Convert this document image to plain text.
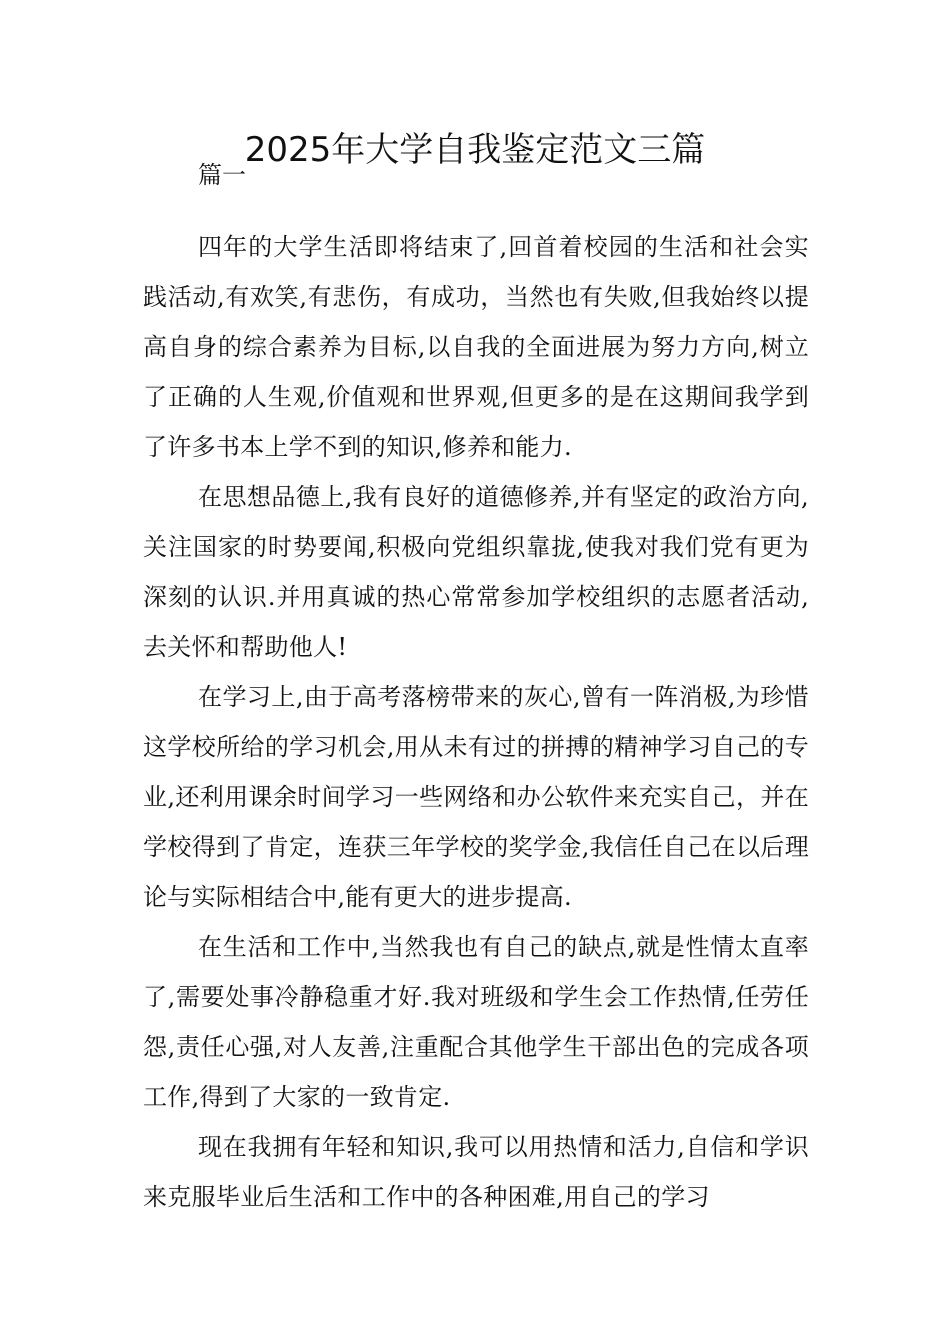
2025年大学自我鉴定范文三篇

篇一

四年的大学生活即将结束了,回首着校园的生活和社会实践活动,有欢笑,有悲伤，有成功，当然也有失败,但我始终以提高自身的综合素养为目标,以自我的全面进展为努力方向,树立了正确的人生观,价值观和世界观,但更多的是在这期间我学到了许多书本上学不到的知识,修养和能力.

在思想品德上,我有良好的道德修养,并有坚定的政治方向,关注国家的时势要闻,积极向党组织靠拢,使我对我们党有更为深刻的认识.并用真诚的热心常常参加学校组织的志愿者活动,去关怀和帮助他人!

在学习上,由于高考落榜带来的灰心,曾有一阵消极,为珍惜这学校所给的学习机会,用从未有过的拼搏的精神学习自己的专业,还利用课余时间学习一些网络和办公软件来充实自己，并在学校得到了肯定，连获三年学校的奖学金,我信任自己在以后理论与实际相结合中,能有更大的进步提高.

在生活和工作中,当然我也有自己的缺点,就是性情太直率了,需要处事冷静稳重才好.我对班级和学生会工作热情,任劳任怨,责任心强,对人友善,注重配合其他学生干部出色的完成各项工作,得到了大家的一致肯定.

现在我拥有年轻和知识,我可以用热情和活力,自信和学识来克服毕业后生活和工作中的各种困难,用自己的学习
